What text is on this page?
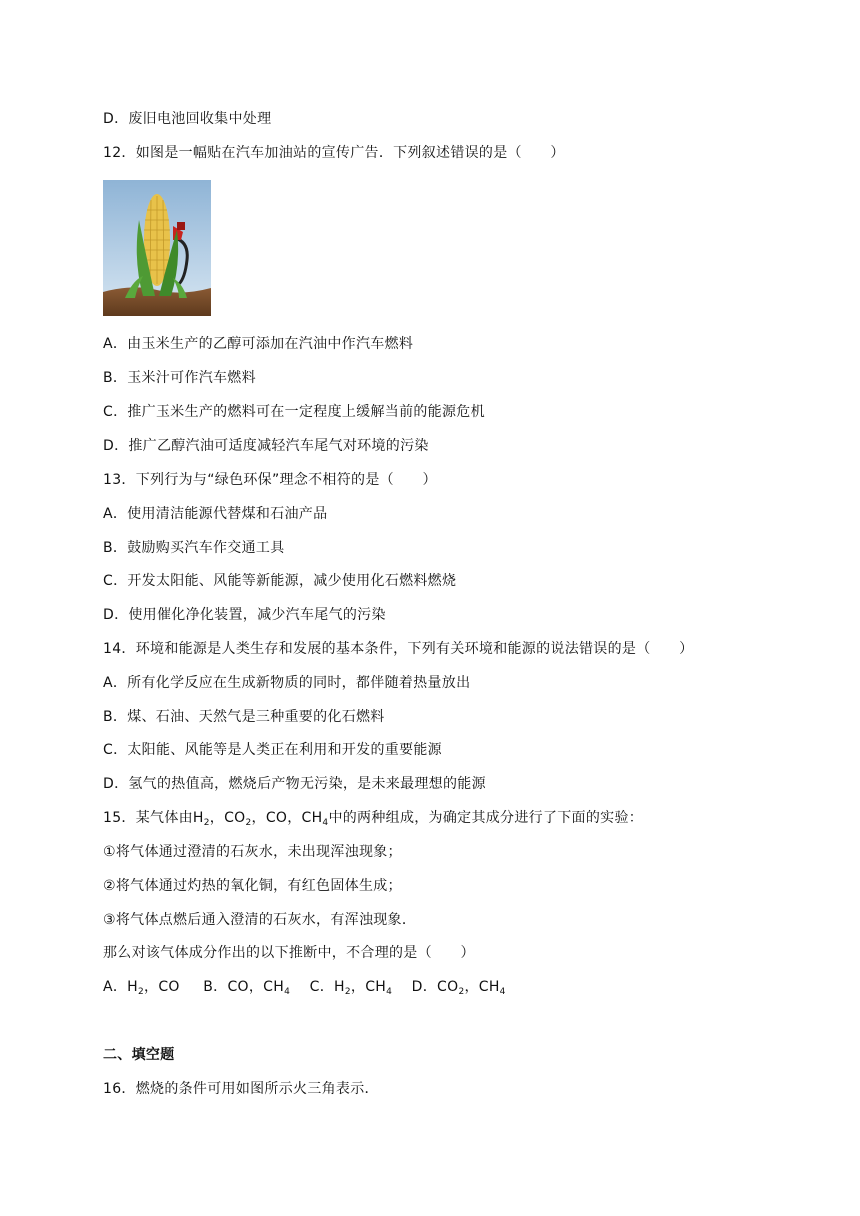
D．废旧电池回收集中处理
12．如图是一幅贴在汽车加油站的宣传广告．下列叙述错误的是（　　）
A．由玉米生产的乙醇可添加在汽油中作汽车燃料
B．玉米汁可作汽车燃料
C．推广玉米生产的燃料可在一定程度上缓解当前的能源危机
D．推广乙醇汽油可适度减轻汽车尾气对环境的污染
13．下列行为与“绿色环保”理念不相符的是（　　）
A．使用清洁能源代替煤和石油产品
B．鼓励购买汽车作交通工具
C．开发太阳能、风能等新能源，减少使用化石燃料燃烧
D．使用催化净化装置，减少汽车尾气的污染
14．环境和能源是人类生存和发展的基本条件，下列有关环境和能源的说法错误的是（　　）
A．所有化学反应在生成新物质的同时，都伴随着热量放出
B．煤、石油、天然气是三种重要的化石燃料
C．太阳能、风能等是人类正在利用和开发的重要能源
D．氢气的热值高，燃烧后产物无污染，是未来最理想的能源
15．某气体由$H_2$，$CO_2$，CO，$CH_4$中的两种组成，为确定其成分进行了下面的实验：
①将气体通过澄清的石灰水，未出现浑浊现象；
②将气体通过灼热的氧化铜，有红色固体生成；
③将气体点燃后通入澄清的石灰水，有浑浊现象．
那么对该气体成分作出的以下推断中，不合理的是（　　）
A．$H_2$，CO B．CO，$CH_4$ C．$H_2$，$CH_4$ D．$CO_2$，$CH_4$
二、填空题
16．燃烧的条件可用如图所示火三角表示．
